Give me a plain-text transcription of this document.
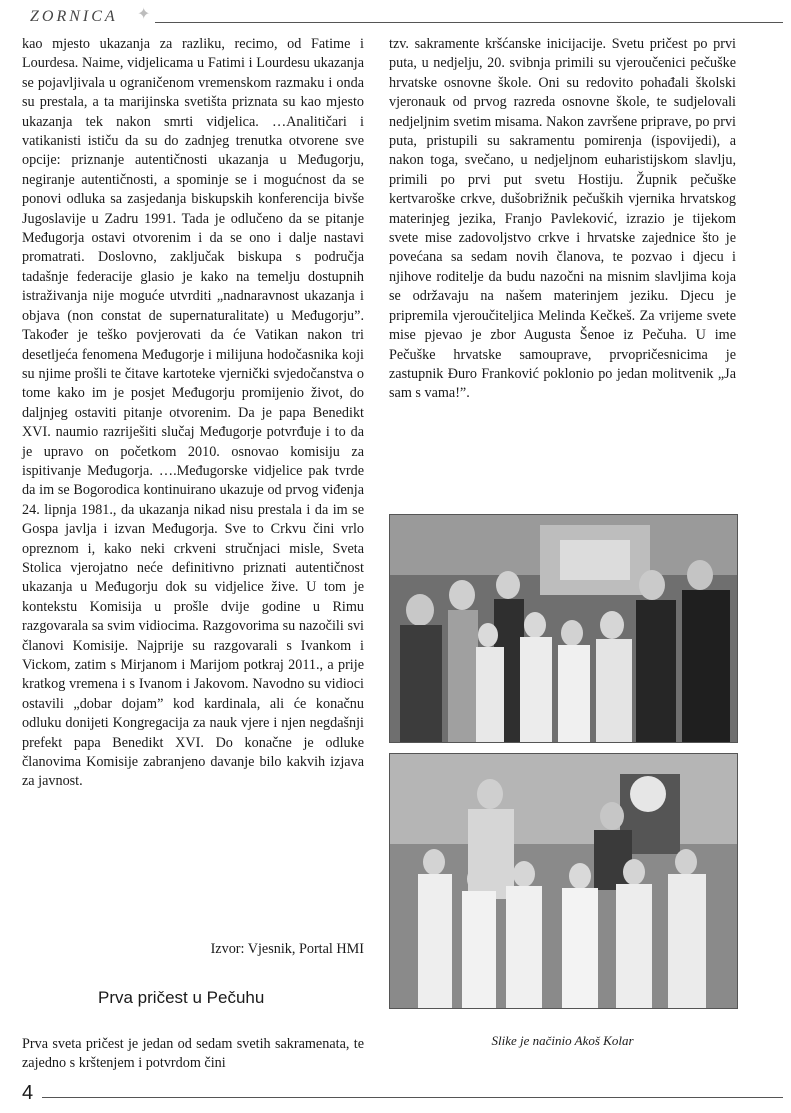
ZORNICA ✦

kao mjesto ukazanja za razliku, recimo, od Fatime i Lourdesa. Naime, vidjelicama u Fatimi i Lourdesu ukazanja se pojavljivala u ograničenom vremenskom razmaku i onda su prestala, a ta marijinska svetišta priznata su kao mjesto ukazanja tek nakon smrti vidjelica. …Analitičari i vatikanisti ističu da su do zadnjeg trenutka otvorene sve opcije: priznanje autentičnosti ukazanja u Međugorju, negiranje autentičnosti, a spominje se i mogućnost da se ponovi odluka sa zasjedanja biskupskih konferencija bivše Jugoslavije u Zadru 1991. Tada je odlučeno da se pitanje Međugorja ostavi otvorenim i da se ono i dalje nastavi promatrati. Doslovno, zaključak biskupa s područja tadašnje federacije glasio je kako na temelju dostupnih istraživanja nije moguće utvrditi „nadnaravnost ukazanja i objava (non constat de supernaturalitate) u Međugorju”. Također je teško povjerovati da će Vatikan nakon tri desetljeća fenomena Međugorje i milijuna hodočasnika koji su njime prošli te čitave kartoteke vjernički svjedočanstva o tome kako im je posjet Međugorju promijenio život, do daljnjeg ostaviti pitanje otvorenim. Da je papa Benedikt XVI. naumio razriješiti slučaj Međugorje potvrđuje i to da je upravo on početkom 2010. osnovao komisiju za ispitivanje Međugorja. ….Međugorske vidjelice pak tvrde da im se Bogorodica kontinuirano ukazuje od prvog viđenja 24. lipnja 1981., da ukazanja nikad nisu prestala i da im se Gospa javlja i izvan Međugorja. Sve to Crkvu čini vrlo opreznom i, kako neki crkveni stručnjaci misle, Sveta Stolica vjerojatno neće definitivno priznati autentičnost ukazanja u Međugorju dok su vidjelice žive. U tom je kontekstu Komisija u prošle dvije godine u Rimu razgovarala sa svim vidiocima. Razgovorima su nazočili svi članovi Komisije. Najprije su razgovarali s Ivankom i Vickom, zatim s Mirjanom i Marijom potkraj 2011., a prije kratkog vremena i s Ivanom i Jakovom. Navodno su vidioci ostavili „dobar dojam” kod kardinala, ali će konačnu odluku donijeti Kongregacija za nauk vjere i njen negdašnji prefekt papa Benedikt XVI. Do konačne je odluke članovima Komisije zabranjeno davanje bilo kakvih izjava za javnost.

Izvor: Vjesnik, Portal HMI
Prva pričest u Pečuhu

Prva sveta pričest je jedan od sedam svetih sakramenata, te zajedno s krštenjem i potvrdom čini

tzv. sakramente kršćanske inicijacije. Svetu pričest po prvi puta, u nedjelju, 20. svibnja primili su vjeroučenici pečuške hrvatske osnovne škole. Oni su redovito pohađali školski vjeronauk od prvog razreda osnovne škole, te sudjelovali nedjeljnim svetim misama. Nakon završene priprave, po prvi puta, pristupili su sakramentu pomirenja (ispovijedi), a nakon toga, svečano, u nedjeljnom euharistijskom slavlju, primili po prvi put svetu Hostiju. Župnik pečuške kertvaroške crkve, dušobrižnik pečuških vjernika hrvatskog materinjeg jezika, Franjo Pavleković, izrazio je tijekom svete mise zadovoljstvo crkve i hrvatske zajednice što je povećana sa sedam novih članova, te pozvao i djecu i njihove roditelje da budu nazočni na misnim slavljima koja se održavaju na našem materinjem jeziku. Djecu je pripremila vjeroučiteljica Melinda Kečkeš. Za vrijeme svete mise pjevao je zbor Augusta Šenoe iz Pečuha. U ime Pečuške hrvatske samouprave, prvopričesnicima je zastupnik Đuro Franković poklonio po jedan molitvenik „Ja sam s vama!”.

Slike je načinio Akoš Kolar
4
